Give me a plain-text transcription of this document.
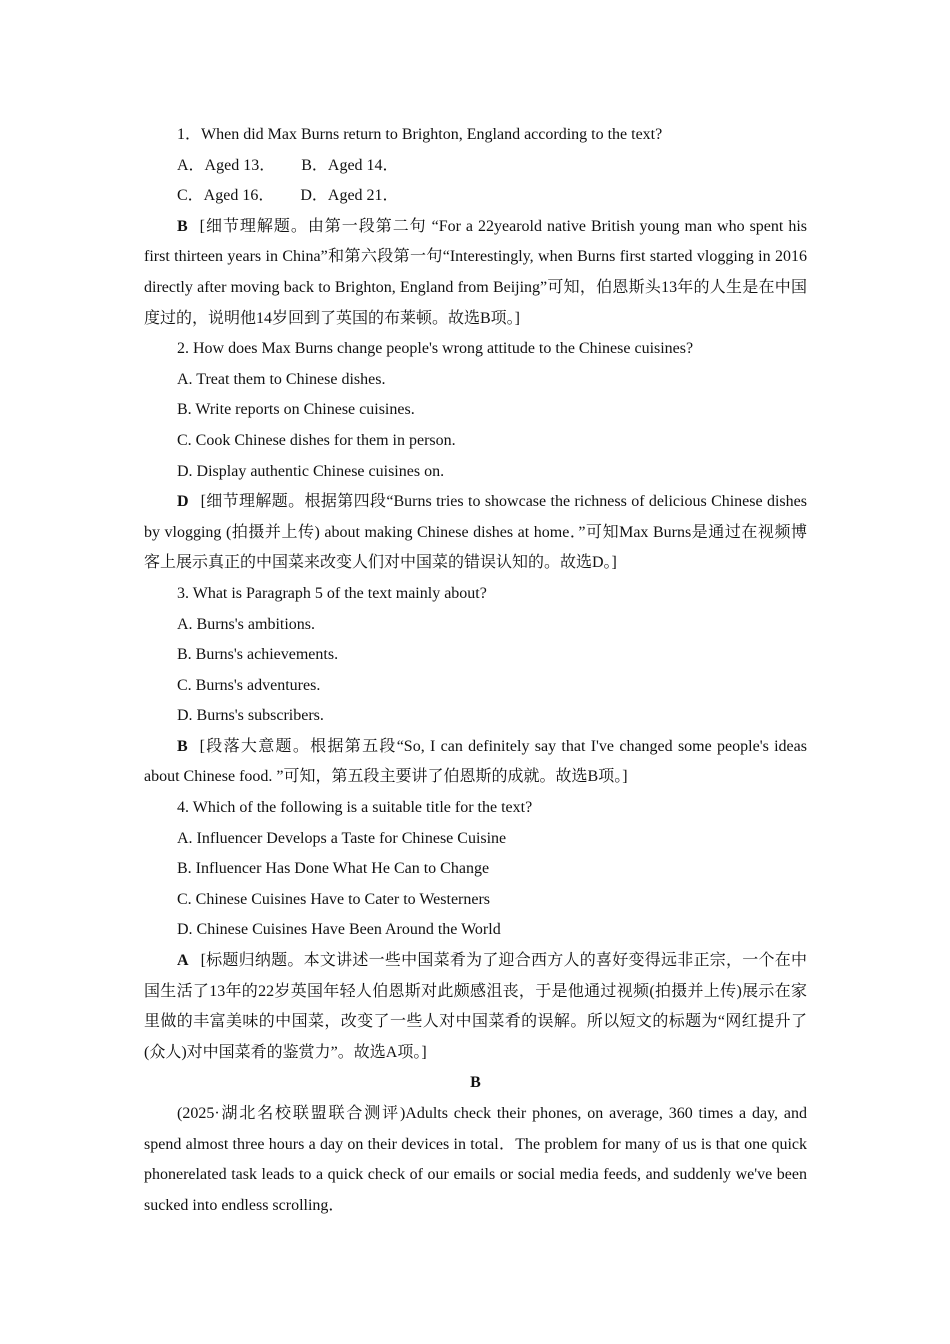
1．When did Max Burns return to Brighton, England according to the text?
A．Aged 13． B．Aged 14．
C．Aged 16． D．Aged 21．
B [细节理解题。由第一段第二句 “For a 22yearold native British young man who spent his first thirteen years in China”和第六段第一句“Interestingly, when Burns first started vlogging in 2016 directly after moving back to Brighton, England from Beijing”可知，伯恩斯头13年的人生是在中国度过的，说明他14岁回到了英国的布莱顿。故选B项。]
2. How does Max Burns change people's wrong attitude to the Chinese cuisines?
A. Treat them to Chinese dishes.
B. Write reports on Chinese cuisines.
C. Cook Chinese dishes for them in person.
D. Display authentic Chinese cuisines on.
D [细节理解题。根据第四段“Burns tries to showcase the richness of delicious Chinese dishes by vlogging (拍摄并上传) about making Chinese dishes at home．”可知Max Burns是通过在视频博客上展示真正的中国菜来改变人们对中国菜的错误认知的。故选D。]
3. What is Paragraph 5 of the text mainly about?
A. Burns's ambitions.
B. Burns's achievements.
C. Burns's adventures.
D. Burns's subscribers.
B [段落大意题。根据第五段“So, I can definitely say that I've changed some people's ideas about Chinese food. ”可知，第五段主要讲了伯恩斯的成就。故选B项。]
4. Which of the following is a suitable title for the text?
A. Influencer Develops a Taste for Chinese Cuisine
B. Influencer Has Done What He Can to Change
C. Chinese Cuisines Have to Cater to Westerners
D. Chinese Cuisines Have Been Around the World
A [标题归纳题。本文讲述一些中国菜肴为了迎合西方人的喜好变得远非正宗，一个在中国生活了13年的22岁英国年轻人伯恩斯对此颇感沮丧，于是他通过视频(拍摄并上传)展示在家里做的丰富美味的中国菜，改变了一些人对中国菜肴的误解。所以短文的标题为“网红提升了(众人)对中国菜肴的鉴赏力”。故选A项。]
B
(2025·湖北名校联盟联合测评)Adults check their phones, on average, 360 times a day, and spend almost three hours a day on their devices in total．The problem for many of us is that one quick phonerelated task leads to a quick check of our emails or social media feeds, and suddenly we've been sucked into endless scrolling．
